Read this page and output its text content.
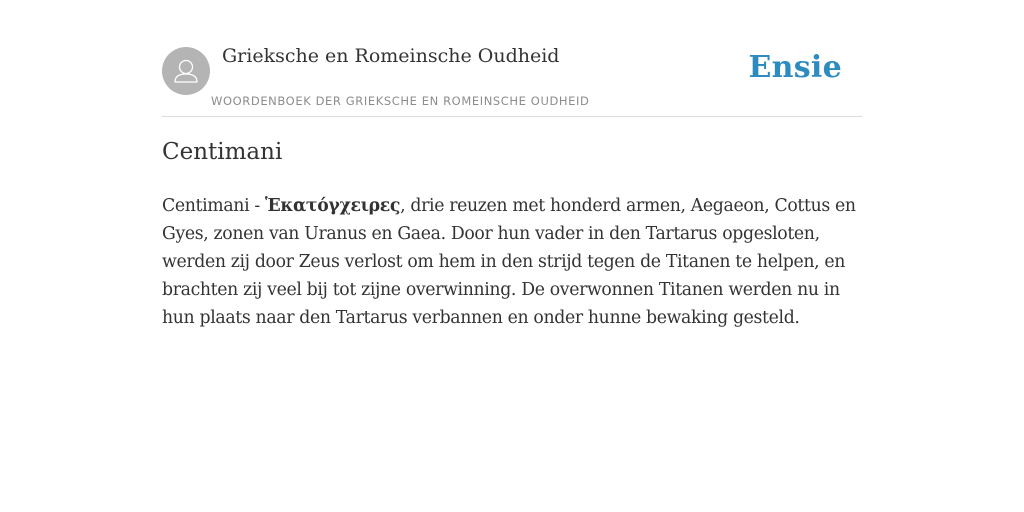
Grieksche en Romeinsche Oudheid
WOORDENBOEK DER GRIEKSCHE EN ROMEINSCHE OUDHEID
Ensie
Centimani

Centimani - Ἑκατόγχειρες, drie reuzen met honderd armen, Aegaeon, Cottus en Gyes, zonen van Uranus en Gaea. Door hun vader in den Tartarus opgesloten, werden zij door Zeus verlost om hem in den strijd tegen de Titanen te helpen, en brachten zij veel bij tot zijne overwinning. De overwonnen Titanen werden nu in hun plaats naar den Tartarus verbannen en onder hunne bewaking gesteld.
